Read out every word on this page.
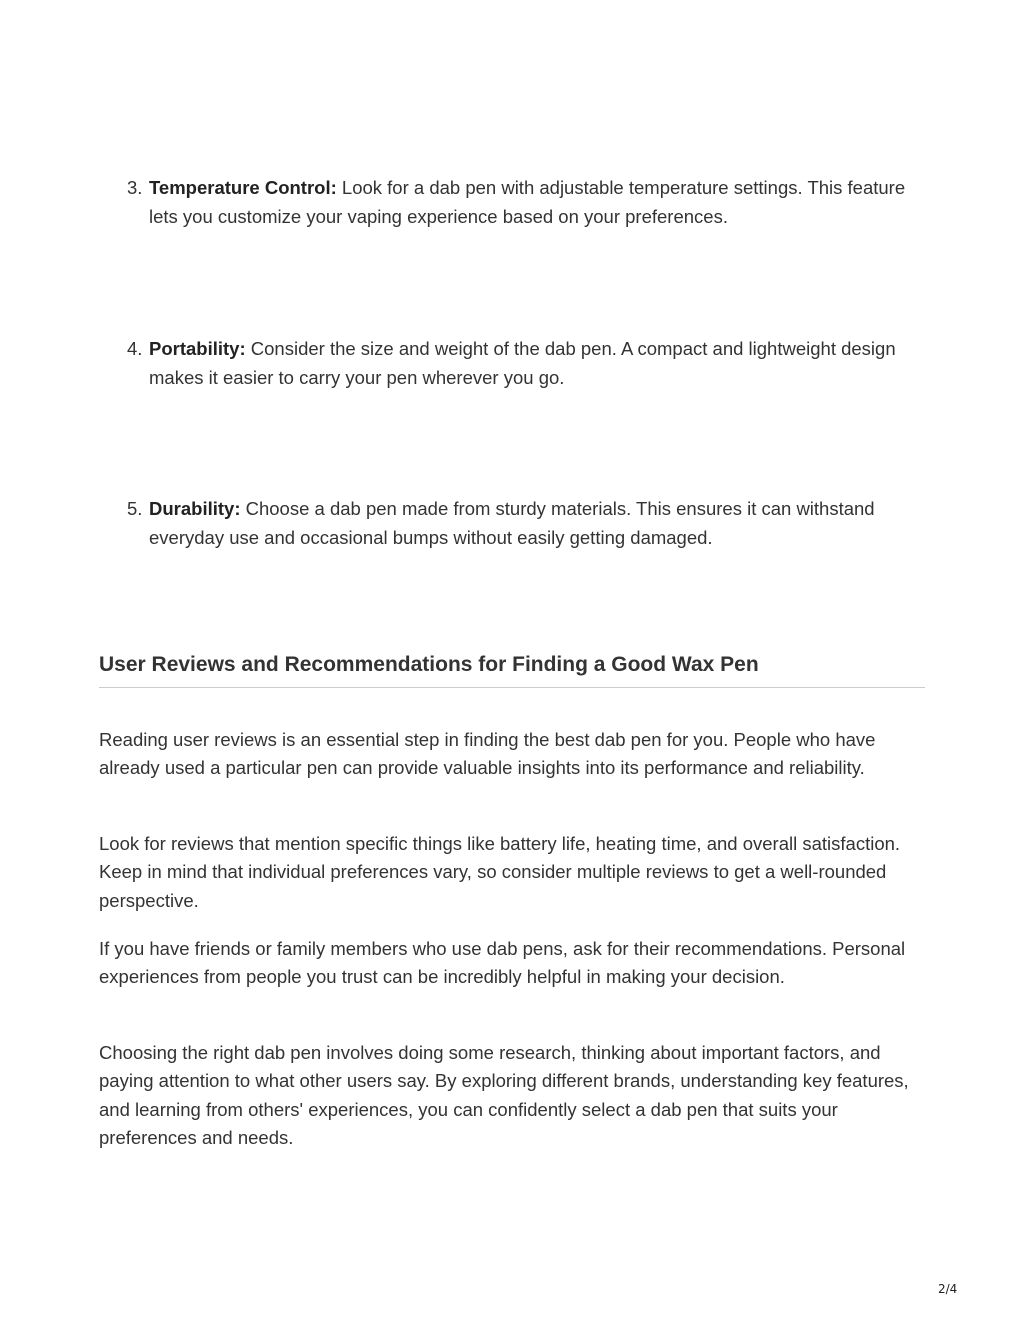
3. Temperature Control: Look for a dab pen with adjustable temperature settings. This feature lets you customize your vaping experience based on your preferences.
4. Portability: Consider the size and weight of the dab pen. A compact and lightweight design makes it easier to carry your pen wherever you go.
5. Durability: Choose a dab pen made from sturdy materials. This ensures it can withstand everyday use and occasional bumps without easily getting damaged.
User Reviews and Recommendations for Finding a Good Wax Pen

Reading user reviews is an essential step in finding the best dab pen for you. People who have already used a particular pen can provide valuable insights into its performance and reliability.

Look for reviews that mention specific things like battery life, heating time, and overall satisfaction. Keep in mind that individual preferences vary, so consider multiple reviews to get a well-rounded perspective.

If you have friends or family members who use dab pens, ask for their recommendations. Personal experiences from people you trust can be incredibly helpful in making your decision.

Choosing the right dab pen involves doing some research, thinking about important factors, and paying attention to what other users say. By exploring different brands, understanding key features, and learning from others' experiences, you can confidently select a dab pen that suits your preferences and needs.

2/4
